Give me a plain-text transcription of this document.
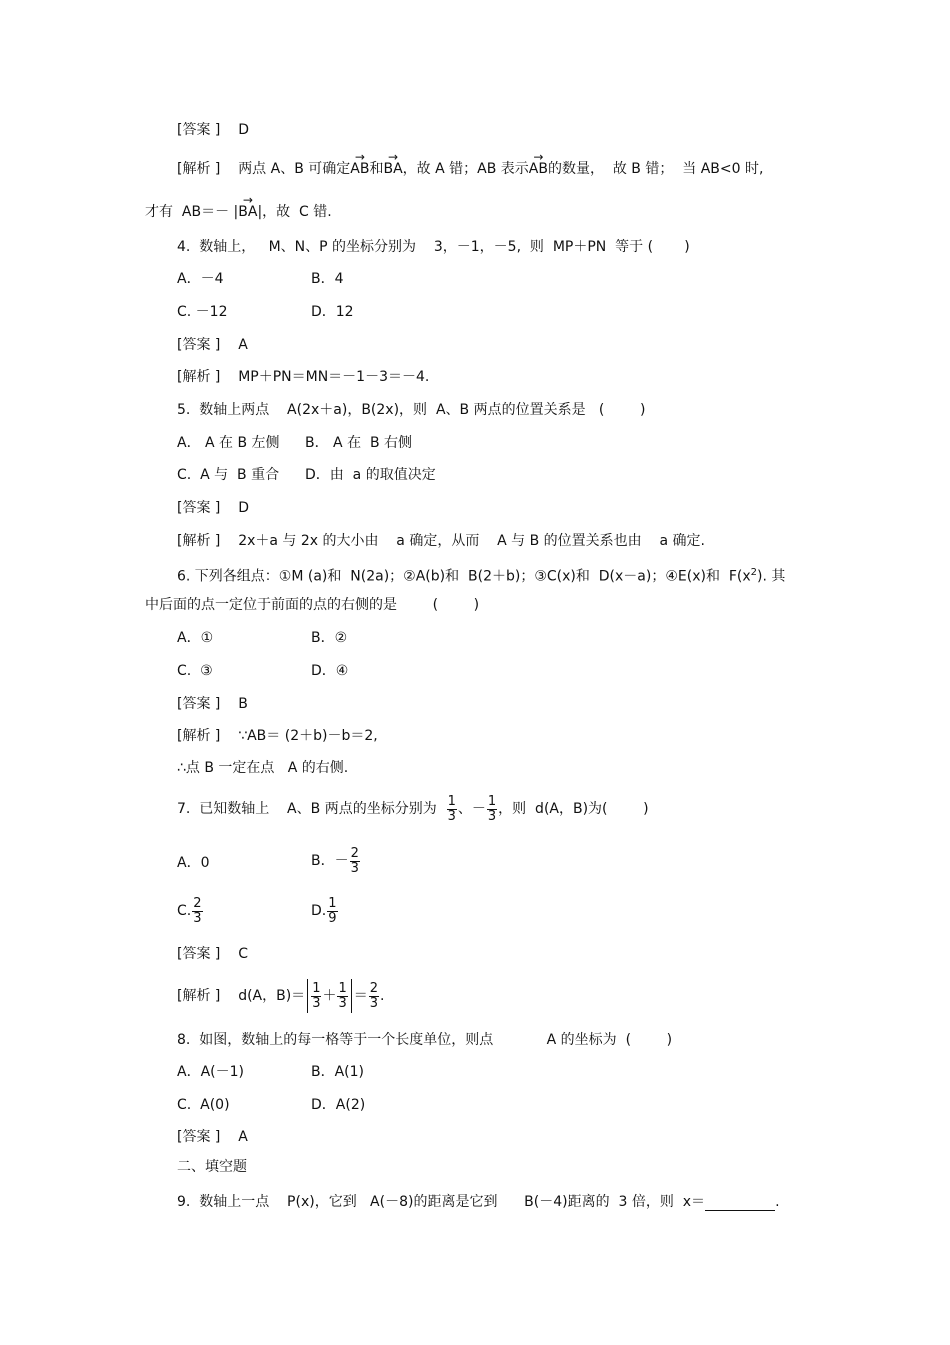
[答案 ] D
[解析 ] 两点 A、B 可确定→ AB和→ BA，故 A 错；AB 表示→ AB的数量，  故 B 错；  当 AB<0 时,
才有  AB＝－ |→ BA|，故  C 错.
4.  数轴上，   M、N、P 的坐标分别为    3，－1，－5,  则  MP＋PN  等于 (       )
A．－4	B．4
C. －12	D．12
[答案 ] A
[解析 ] MP＋PN＝MN＝－1－3＝－4.
5.  数轴上两点    A(2x＋a)，B(2x)，则  A、B 两点的位置关系是   (        )
A． A 在 B 左侧 B． A 在  B 右侧
C.  A 与  B 重合 D．由  a 的取值决定
[答案 ] D
[解析 ] 2x＋a 与 2x 的大小由    a 确定，从而    A 与 B 的位置关系也由    a 确定.
6. 下列各组点：①M (a)和  N(2a)；②A(b)和  B(2＋b)；③C(x)和  D(x－a)；④E(x)和  $F(x^2)$. 其
中后面的点一定位于前面的点的右侧的是        (        )
A．①	B．②
C.  ③	D．④
[答案 ] B
[解析 ] ∵AB＝ (2＋b)－b＝2,
∴点 B 一定在点   A 的右侧.
7.  已知数轴上    A、B 两点的坐标分别为 $\frac{1}{3}$ 、－ $\frac{1}{3}$ ，则  d(A，B)为(        )
A．0	B．－ $\frac{2}{3}$
C. $\frac{2}{3}$	D. $\frac{1}{9}$
[答案 ] C
[解析 ] d(A，$B)= \frac{1}{3} + \frac{1}{3} = \frac{2}{3}$ .
8.  如图，数轴上的每一格等于一个长度单位，则点            A 的坐标为  (        )
A．A(－1)	B．A(1)
C.  A(0)	D．A(2)
[答案 ] A
二、填空题
9.  数轴上一点    P(x)，它到   A(－8)的距离是它到      B(－4)距离的  3 倍，则  x＝	.
